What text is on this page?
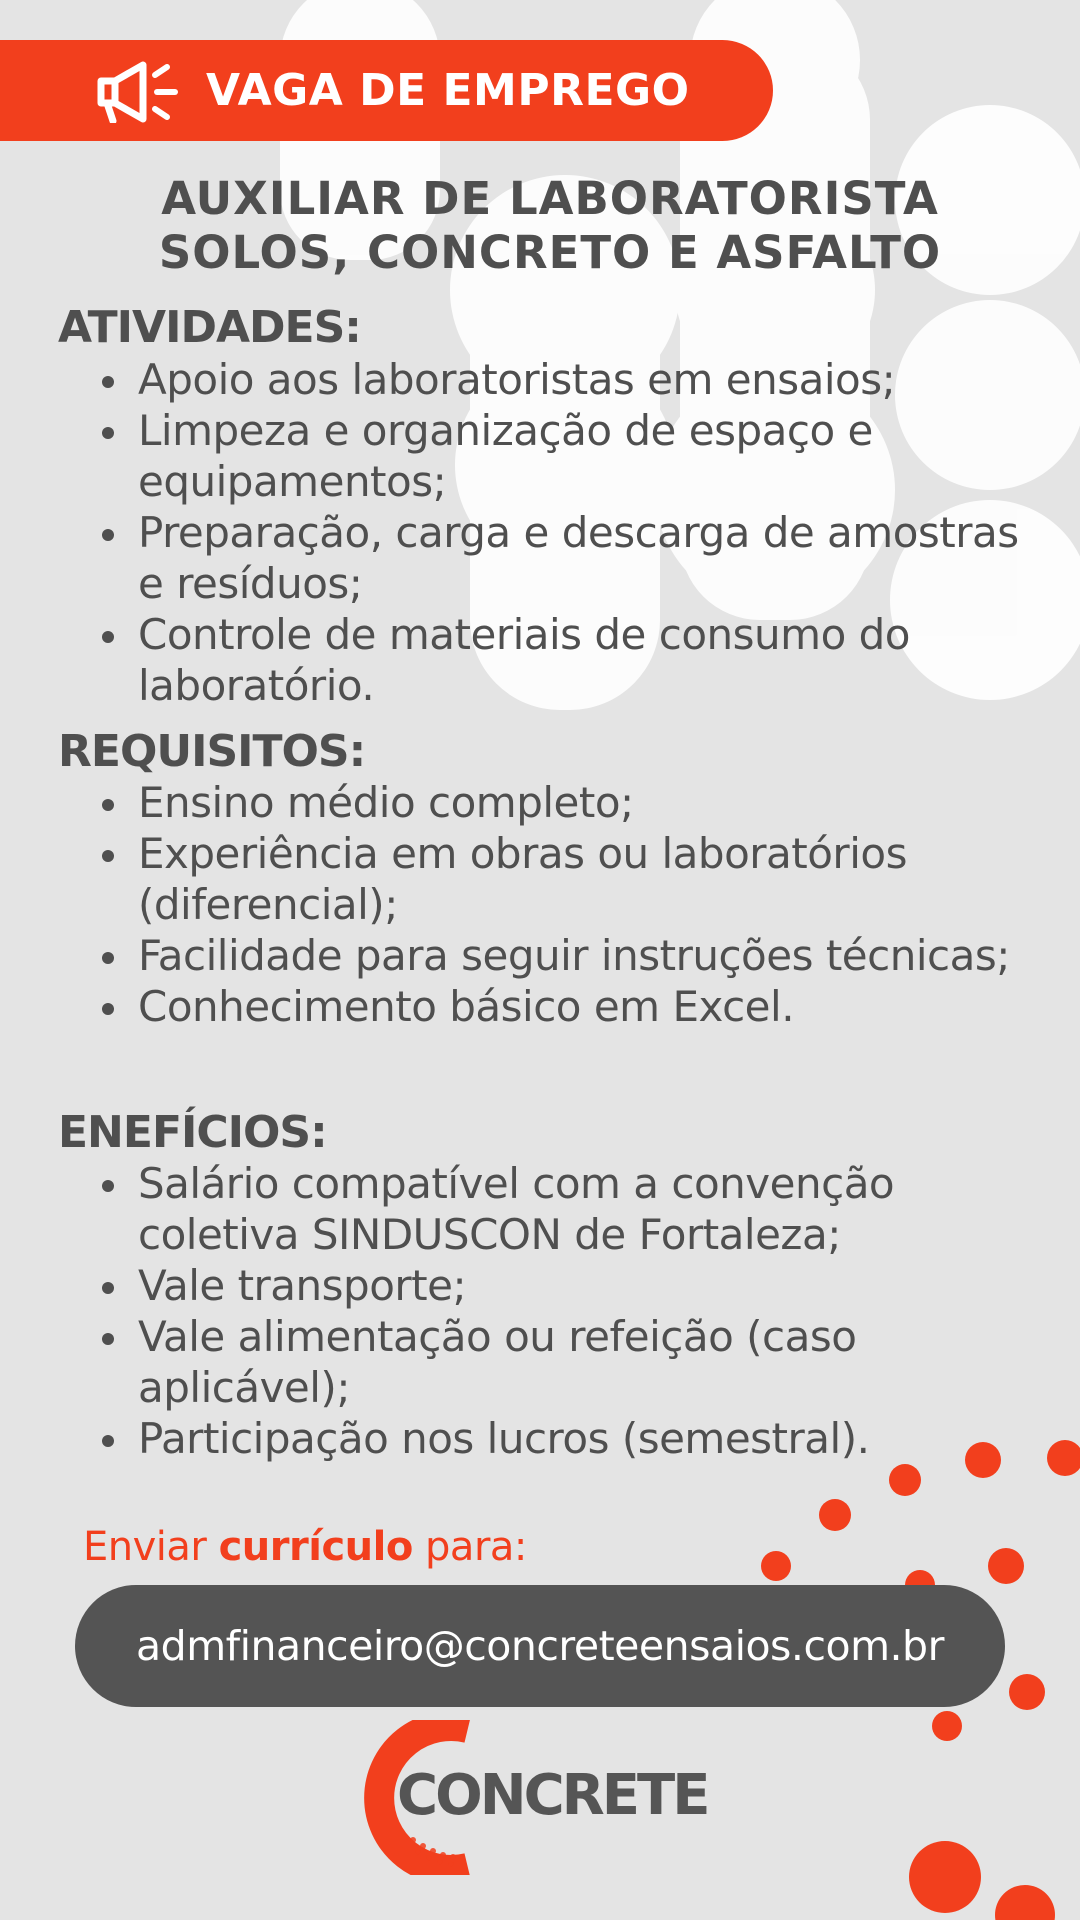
VAGA DE EMPREGO
AUXILIAR DE LABORATORISTA
SOLOS, CONCRETO E ASFALTO
ATIVIDADES:
Apoio aos laboratoristas em ensaios;
Limpeza e organização de espaço e equipamentos;
Preparação, carga e descarga de amostras e resíduos;
Controle de materiais de consumo do laboratório.
REQUISITOS:
Ensino médio completo;
Experiência em obras ou laboratórios (diferencial);
Facilidade para seguir instruções técnicas;
Conhecimento básico em Excel.
ENEFÍCIOS:
Salário compatível com a convenção coletiva SINDUSCON de Fortaleza;
Vale transporte;
Vale alimentação ou refeição (caso aplicável);
Participação nos lucros (semestral).
Enviar currículo para:
admfinanceiro@concreteensaios.com.br
CONCRETE
